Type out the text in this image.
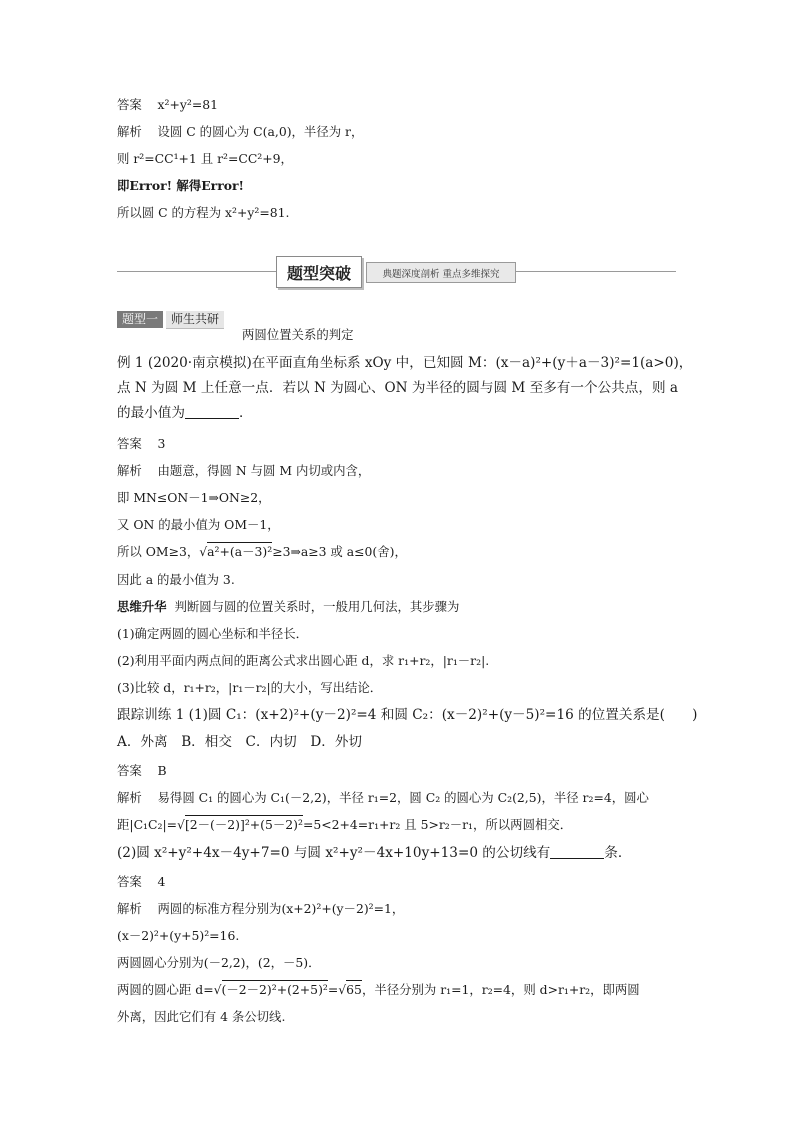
答案 x²+y²=81
解析 设圆 C 的圆心为 C(a,0)，半径为 r，
则 r²=CC¹+1 且 r²=CC²+9，
即Error! 解得Error!
所以圆 C 的方程为 x²+y²=81.
题型突破	典题深度剖析 重点多维探究
题型一	师生共研
两圆位置关系的判定
例 1 (2020·南京模拟)在平面直角坐标系 xOy 中，已知圆 M：(x－a)²+(y＋a－3)²=1(a>0)，
点 N 为圆 M 上任意一点．若以 N 为圆心、ON 为半径的圆与圆 M 至多有一个公共点，则 a
的最小值为	．
答案 3
解析 由题意，得圆 N 与圆 M 内切或内含，
即 MN≤ON－1⇒ON≥2，
又 ON 的最小值为 OM－1，
所以 OM≥3，√a²+(a－3)²≥3⇒a≥3 或 a≤0(舍)，
因此 a 的最小值为 3.
思维升华 判断圆与圆的位置关系时，一般用几何法，其步骤为
(1)确定两圆的圆心坐标和半径长．
(2)利用平面内两点间的距离公式求出圆心距 d，求 r₁+r₂，|r₁－r₂|.
(3)比较 d，r₁+r₂，|r₁－r₂|的大小，写出结论．
跟踪训练 1 (1)圆 C₁：(x+2)²+(y－2)²=4 和圆 C₂：(x－2)²+(y－5)²=16 的位置关系是(　　)
A．外离　B．相交　C．内切　D．外切
答案 B
解析 易得圆 C₁ 的圆心为 C₁(－2,2)，半径 r₁=2，圆 C₂ 的圆心为 C₂(2,5)，半径 r₂=4，圆心
距|C₁C₂|=√[2－(－2)]²+(5－2)²=5<2+4=r₁+r₂ 且 5>r₂－r₁，所以两圆相交．
(2)圆 x²+y²+4x－4y+7=0 与圆 x²+y²－4x+10y+13=0 的公切线有	条．
答案 4
解析 两圆的标准方程分别为(x+2)²+(y－2)²=1，
(x－2)²+(y+5)²=16.
两圆圆心分别为(－2,2)，(2，－5)．
两圆的圆心距 d=√(－2－2)²+(2+5)²=√65，半径分别为 r₁=1，r₂=4，则 d>r₁+r₂，即两圆
外离，因此它们有 4 条公切线.
